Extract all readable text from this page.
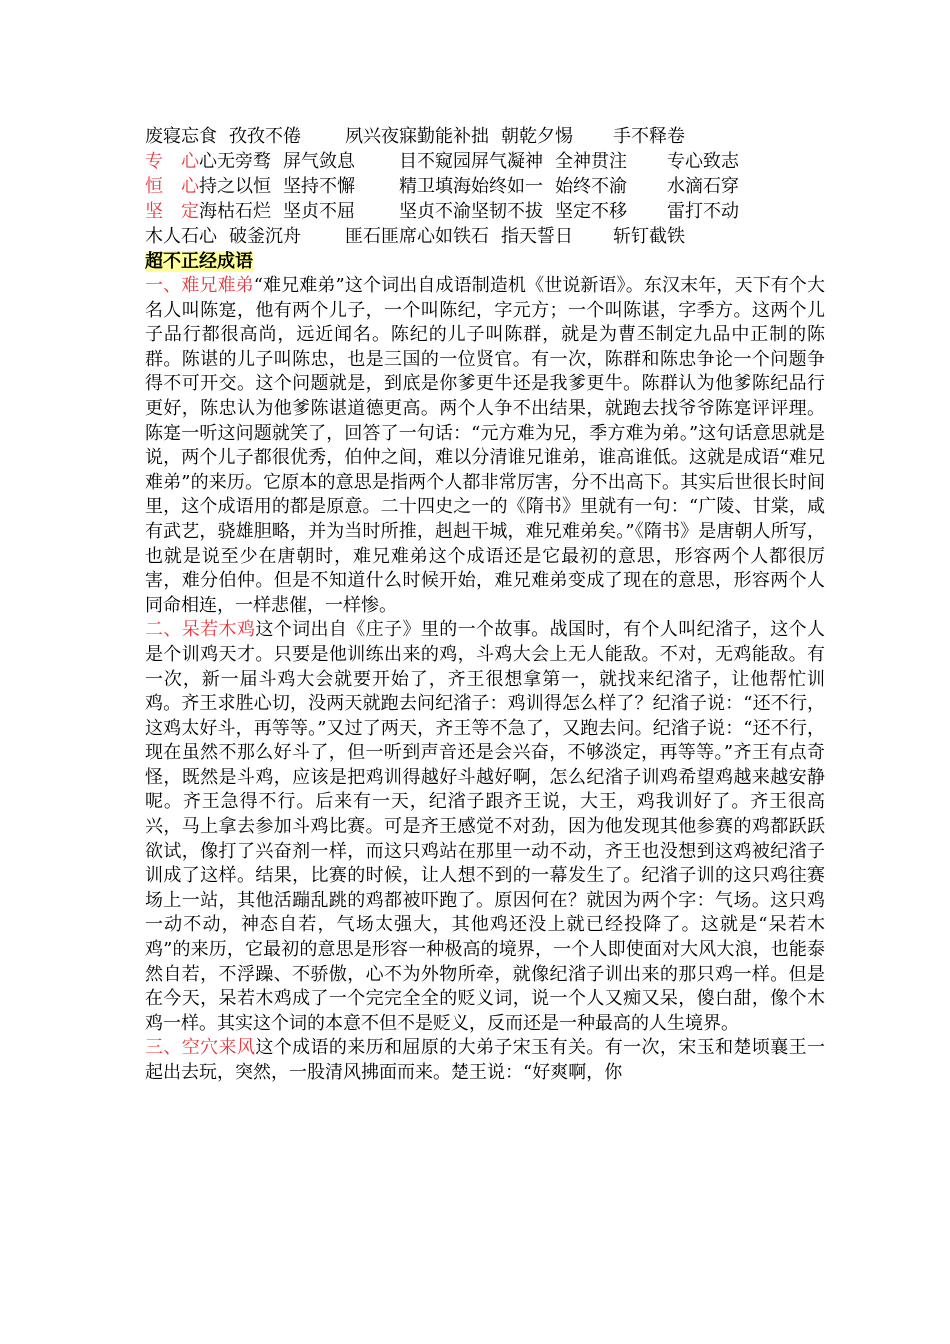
废寝忘食 孜孜不倦 夙兴夜寐勤能补拙 朝乾夕惕 手不释卷
专　心心无旁骛 屏气敛息 目不窥园屏气凝神 全神贯注 专心致志
恒　心持之以恒 坚持不懈 精卫填海始终如一 始终不渝 水滴石穿
坚　定海枯石烂 坚贞不屈 坚贞不渝坚韧不拔 坚定不移 雷打不动
木人石心 破釜沉舟 匪石匪席心如铁石 指天誓日 斩钉截铁
超不正经成语

一、难兄难弟“难兄难弟”这个词出自成语制造机《世说新语》。东汉末年，天下有个大名人叫陈寔，他有两个儿子，一个叫陈纪，字元方；一个叫陈谌，字季方。这两个儿子品行都很高尚，远近闻名。陈纪的儿子叫陈群，就是为曹丕制定九品中正制的陈群。陈谌的儿子叫陈忠，也是三国的一位贤官。有一次，陈群和陈忠争论一个问题争得不可开交。这个问题就是，到底是你爹更牛还是我爹更牛。陈群认为他爹陈纪品行更好，陈忠认为他爹陈谌道德更高。两个人争不出结果，就跑去找爷爷陈寔评评理。陈寔一听这问题就笑了，回答了一句话：“元方难为兄，季方难为弟。”这句话意思就是说，两个儿子都很优秀，伯仲之间，难以分清谁兄谁弟，谁高谁低。这就是成语“难兄难弟”的来历。它原本的意思是指两个人都非常厉害，分不出高下。其实后世很长时间里，这个成语用的都是原意。二十四史之一的《隋书》里就有一句：“广陵、甘棠，咸有武艺，骁雄胆略，并为当时所推，赳赳干城，难兄难弟矣。”《隋书》是唐朝人所写，也就是说至少在唐朝时，难兄难弟这个成语还是它最初的意思，形容两个人都很厉害，难分伯仲。但是不知道什么时候开始，难兄难弟变成了现在的意思，形容两个人同命相连，一样悲催，一样惨。

二、呆若木鸡这个词出自《庄子》里的一个故事。战国时，有个人叫纪渻子，这个人是个训鸡天才。只要是他训练出来的鸡，斗鸡大会上无人能敌。不对，无鸡能敌。有一次，新一届斗鸡大会就要开始了，齐王很想拿第一，就找来纪渻子，让他帮忙训鸡。齐王求胜心切，没两天就跑去问纪渻子：鸡训得怎么样了？纪渻子说：“还不行，这鸡太好斗，再等等。”又过了两天，齐王等不急了，又跑去问。纪渻子说：“还不行，现在虽然不那么好斗了，但一听到声音还是会兴奋，不够淡定，再等等。”齐王有点奇怪，既然是斗鸡，应该是把鸡训得越好斗越好啊，怎么纪渻子训鸡希望鸡越来越安静呢。齐王急得不行。后来有一天，纪渻子跟齐王说，大王，鸡我训好了。齐王很高兴，马上拿去参加斗鸡比赛。可是齐王感觉不对劲，因为他发现其他参赛的鸡都跃跃欲试，像打了兴奋剂一样，而这只鸡站在那里一动不动，齐王也没想到这鸡被纪渻子训成了这样。结果，比赛的时候，让人想不到的一幕发生了。纪渻子训的这只鸡往赛场上一站，其他活蹦乱跳的鸡都被吓跑了。原因何在？就因为两个字：气场。这只鸡一动不动，神态自若，气场太强大，其他鸡还没上就已经投降了。这就是“呆若木鸡”的来历，它最初的意思是形容一种极高的境界，一个人即使面对大风大浪，也能泰然自若，不浮躁、不骄傲，心不为外物所牵，就像纪渻子训出来的那只鸡一样。但是在今天，呆若木鸡成了一个完完全全的贬义词，说一个人又痴又呆，傻白甜，像个木鸡一样。其实这个词的本意不但不是贬义，反而还是一种最高的人生境界。

三、空穴来风这个成语的来历和屈原的大弟子宋玉有关。有一次，宋玉和楚顷襄王一起出去玩，突然，一股清风拂面而来。楚王说：“好爽啊，你
